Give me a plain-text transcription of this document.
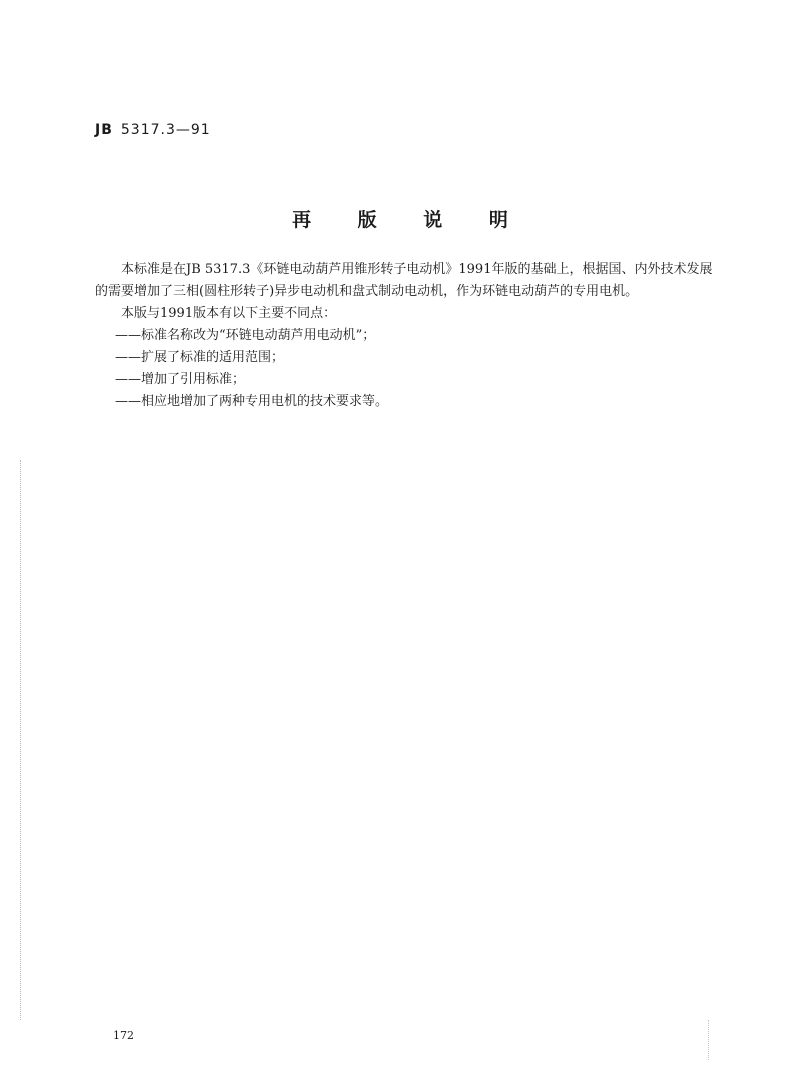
JB 5317.3—91
再 版 说 明

本标准是在JB 5317.3《环链电动葫芦用锥形转子电动机》1991年版的基础上，根据国、内外技术发展的需要增加了三相(圆柱形转子)异步电动机和盘式制动电动机，作为环链电动葫芦的专用电机。

本版与1991版本有以下主要不同点：

——标准名称改为“环链电动葫芦用电动机”；

——扩展了标准的适用范围；

——增加了引用标准；

——相应地增加了两种专用电机的技术要求等。

172
